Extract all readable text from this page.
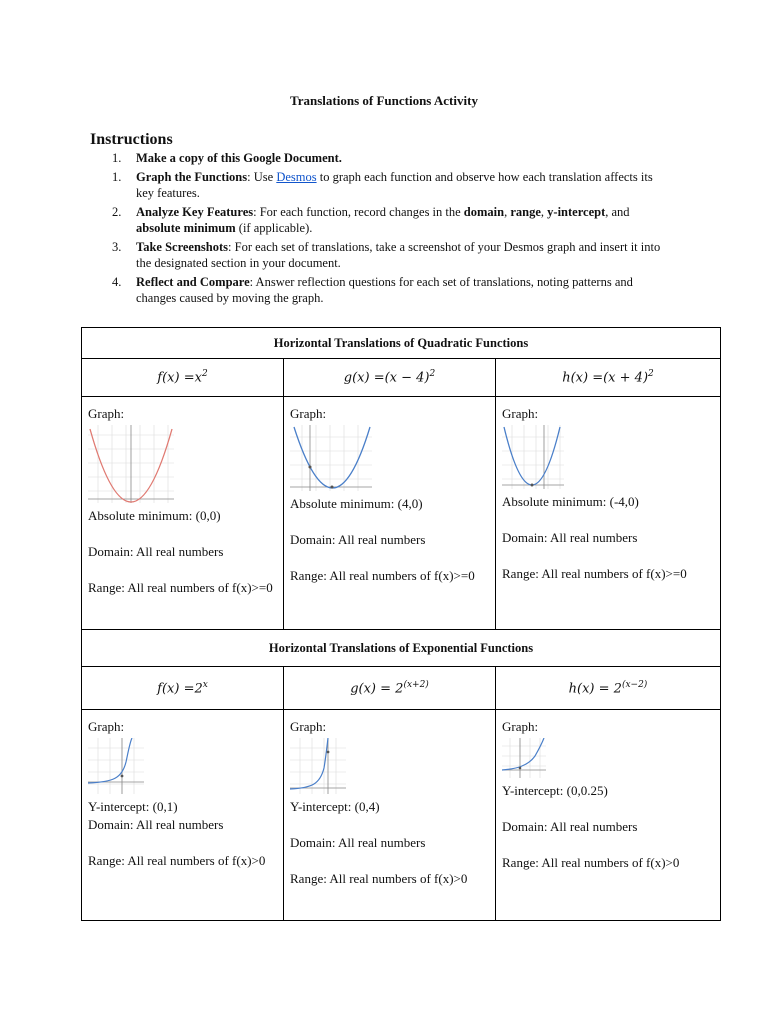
Translations of Functions Activity
Instructions
1.	Make a copy of this Google Document.
1.	Graph the Functions: Use Desmos to graph each function and observe how each translation affects its key features.
2.	Analyze Key Features: For each function, record changes in the domain, range, y-intercept, and absolute minimum (if applicable).
3.	Take Screenshots: For each set of translations, take a screenshot of your Desmos graph and insert it into the designated section in your document.
4.	Reflect and Compare: Answer reflection questions for each set of translations, noting patterns and changes caused by moving the graph.
Horizontal Translations of Quadratic Functions		
$f(x) =x^2$	$g(x) =(x - 4)^2$	$h(x) =(x + 4)^2$

Graph:
Absolute minimum: (0,0)
Domain: All real numbers
Range: All real numbers of f(x)>=0	Graph:
Absolute minimum: (4,0)
Domain: All real numbers
Range: All real numbers of f(x)>=0	Graph:
Absolute minimum: (-4,0)
Domain: All real numbers
Range: All real numbers of f(x)>=0

Horizontal Translations of Exponential Functions		
$f(x) =2^x$	$g(x) = 2^{(x+2)}$	$h(x) = 2^{(x-2)}$

Graph:
Y-intercept: (0,1)
Domain: All real numbers
Range: All real numbers of f(x)>0	Graph:
Y-intercept: (0,4)
Domain: All real numbers
Range: All real numbers of f(x)>0	Graph:
Y-intercept: (0,0.25)
Domain: All real numbers
Range: All real numbers of f(x)>0
